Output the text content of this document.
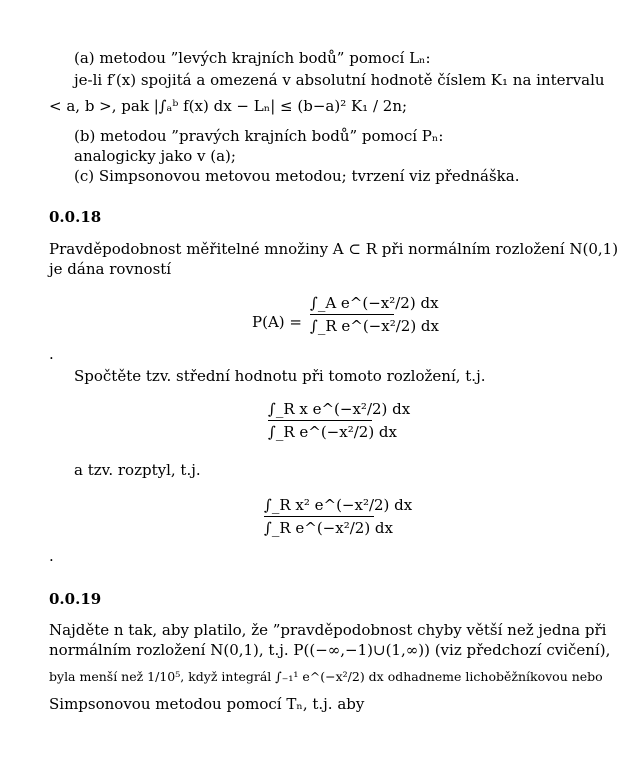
(a) metodou ”levých krajních bodů” pomocí Lₙ:
je-li f′(x) spojitá a omezená v absolutní hodnotě číslem K₁ na intervalu
< a, b >, pak |∫ₐᵇ f(x) dx − Lₙ| ≤ (b−a)² K₁ / 2n;
(b) metodou ”pravých krajních bodů” pomocí Pₙ:
analogicky jako v (a);
(c) Simpsonovou metovou metodou; tvrzení viz přednáška.
0.0.18
Pravděpodobnost měřitelné množiny A ⊂ R při normálním rozložení N(0,1)
je dána rovností
P(A) =
∫_A e^(−x²/2) dx
∫_R e^(−x²/2) dx
.
Spočtěte tzv. střední hodnotu při tomoto rozložení, t.j.
∫_R x e^(−x²/2) dx
∫_R e^(−x²/2) dx
a tzv. rozptyl, t.j.
∫_R x² e^(−x²/2) dx
∫_R e^(−x²/2) dx
.
0.0.19
Najděte n tak, aby platilo, že ”pravděpodobnost chyby větší než jedna při
normálním rozložení N(0,1), t.j. P((−∞,−1)∪(1,∞)) (viz předchozí cvičení),
byla menší než 1/10⁵, když integrál ∫₋₁¹ e^(−x²/2) dx odhadneme lichoběžníkovou nebo
Simpsonovou metodou pomocí Tₙ, t.j. aby
